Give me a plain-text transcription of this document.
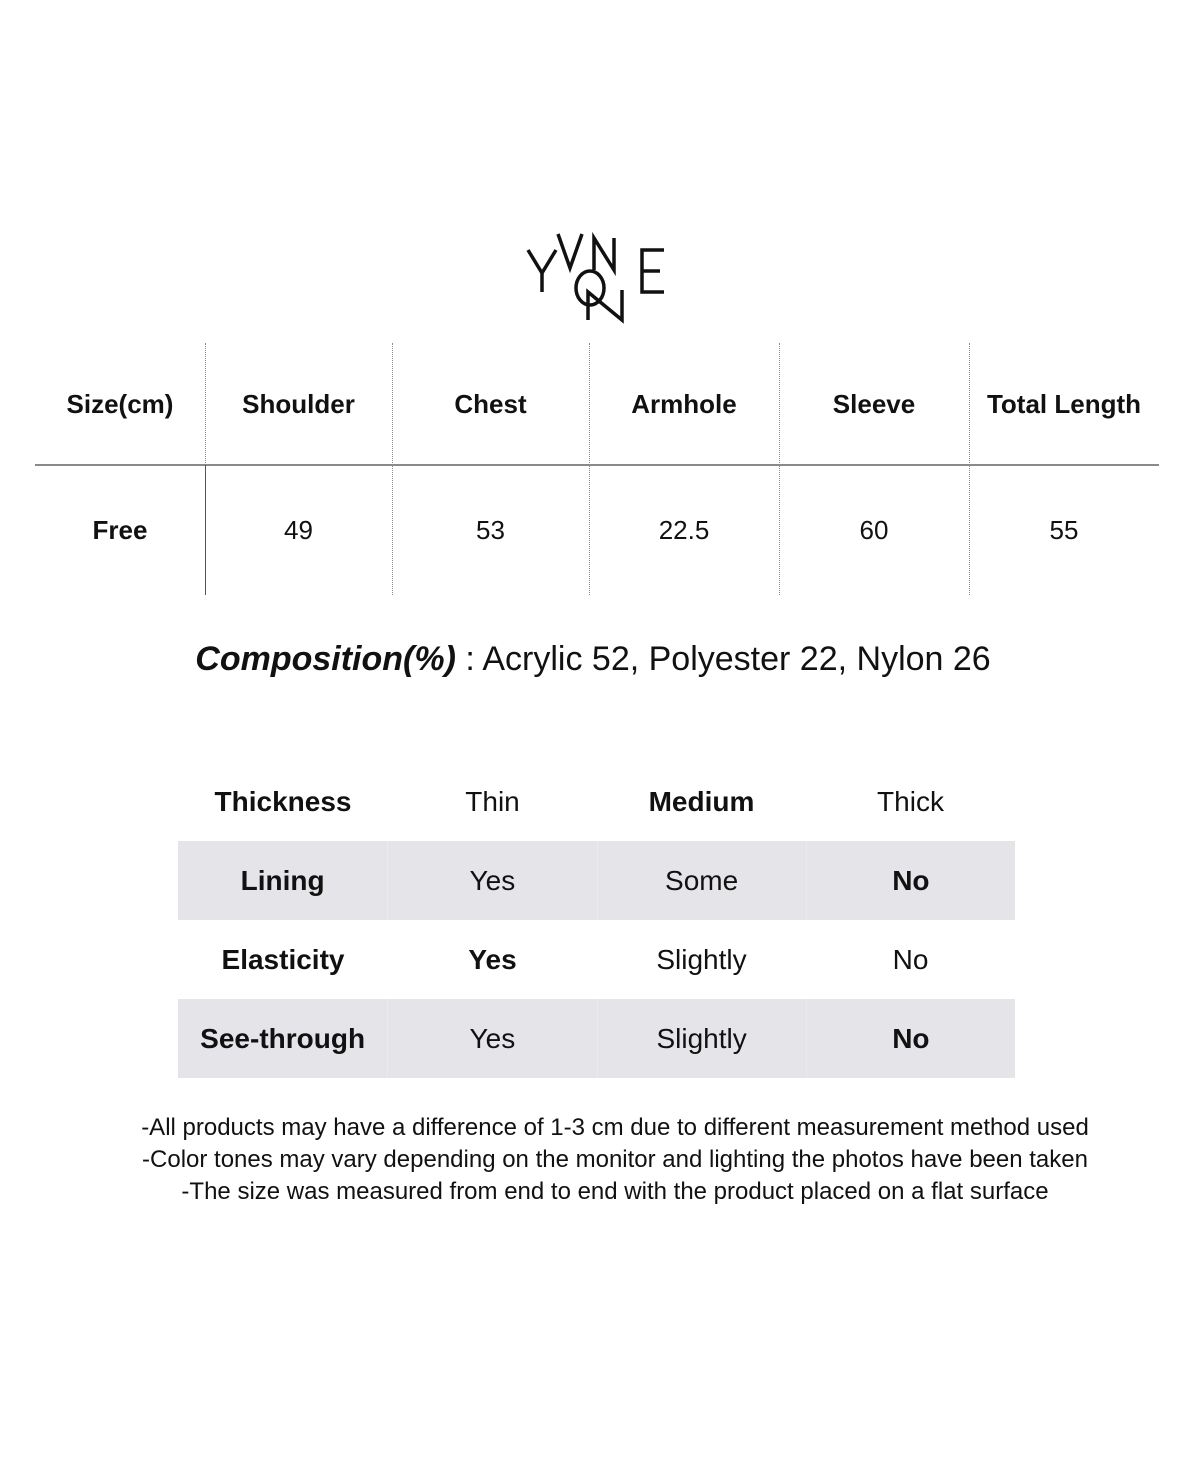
Size(cm)	Shoulder	Chest	Armhole	Sleeve	Total Length
Free	49	53	22.5	60	55
Composition(%) : Acrylic 52, Polyester 22, Nylon 26
Thickness	Thin	Medium	Thick
Lining	Yes	Some	No
Elasticity	Yes	Slightly	No
See-through	Yes	Slightly	No
-All products may have a difference of 1-3 cm due to different measurement method used
-Color tones may vary depending on the monitor and lighting the photos have been taken
-The size was measured from end to end with the product placed on a flat surface
